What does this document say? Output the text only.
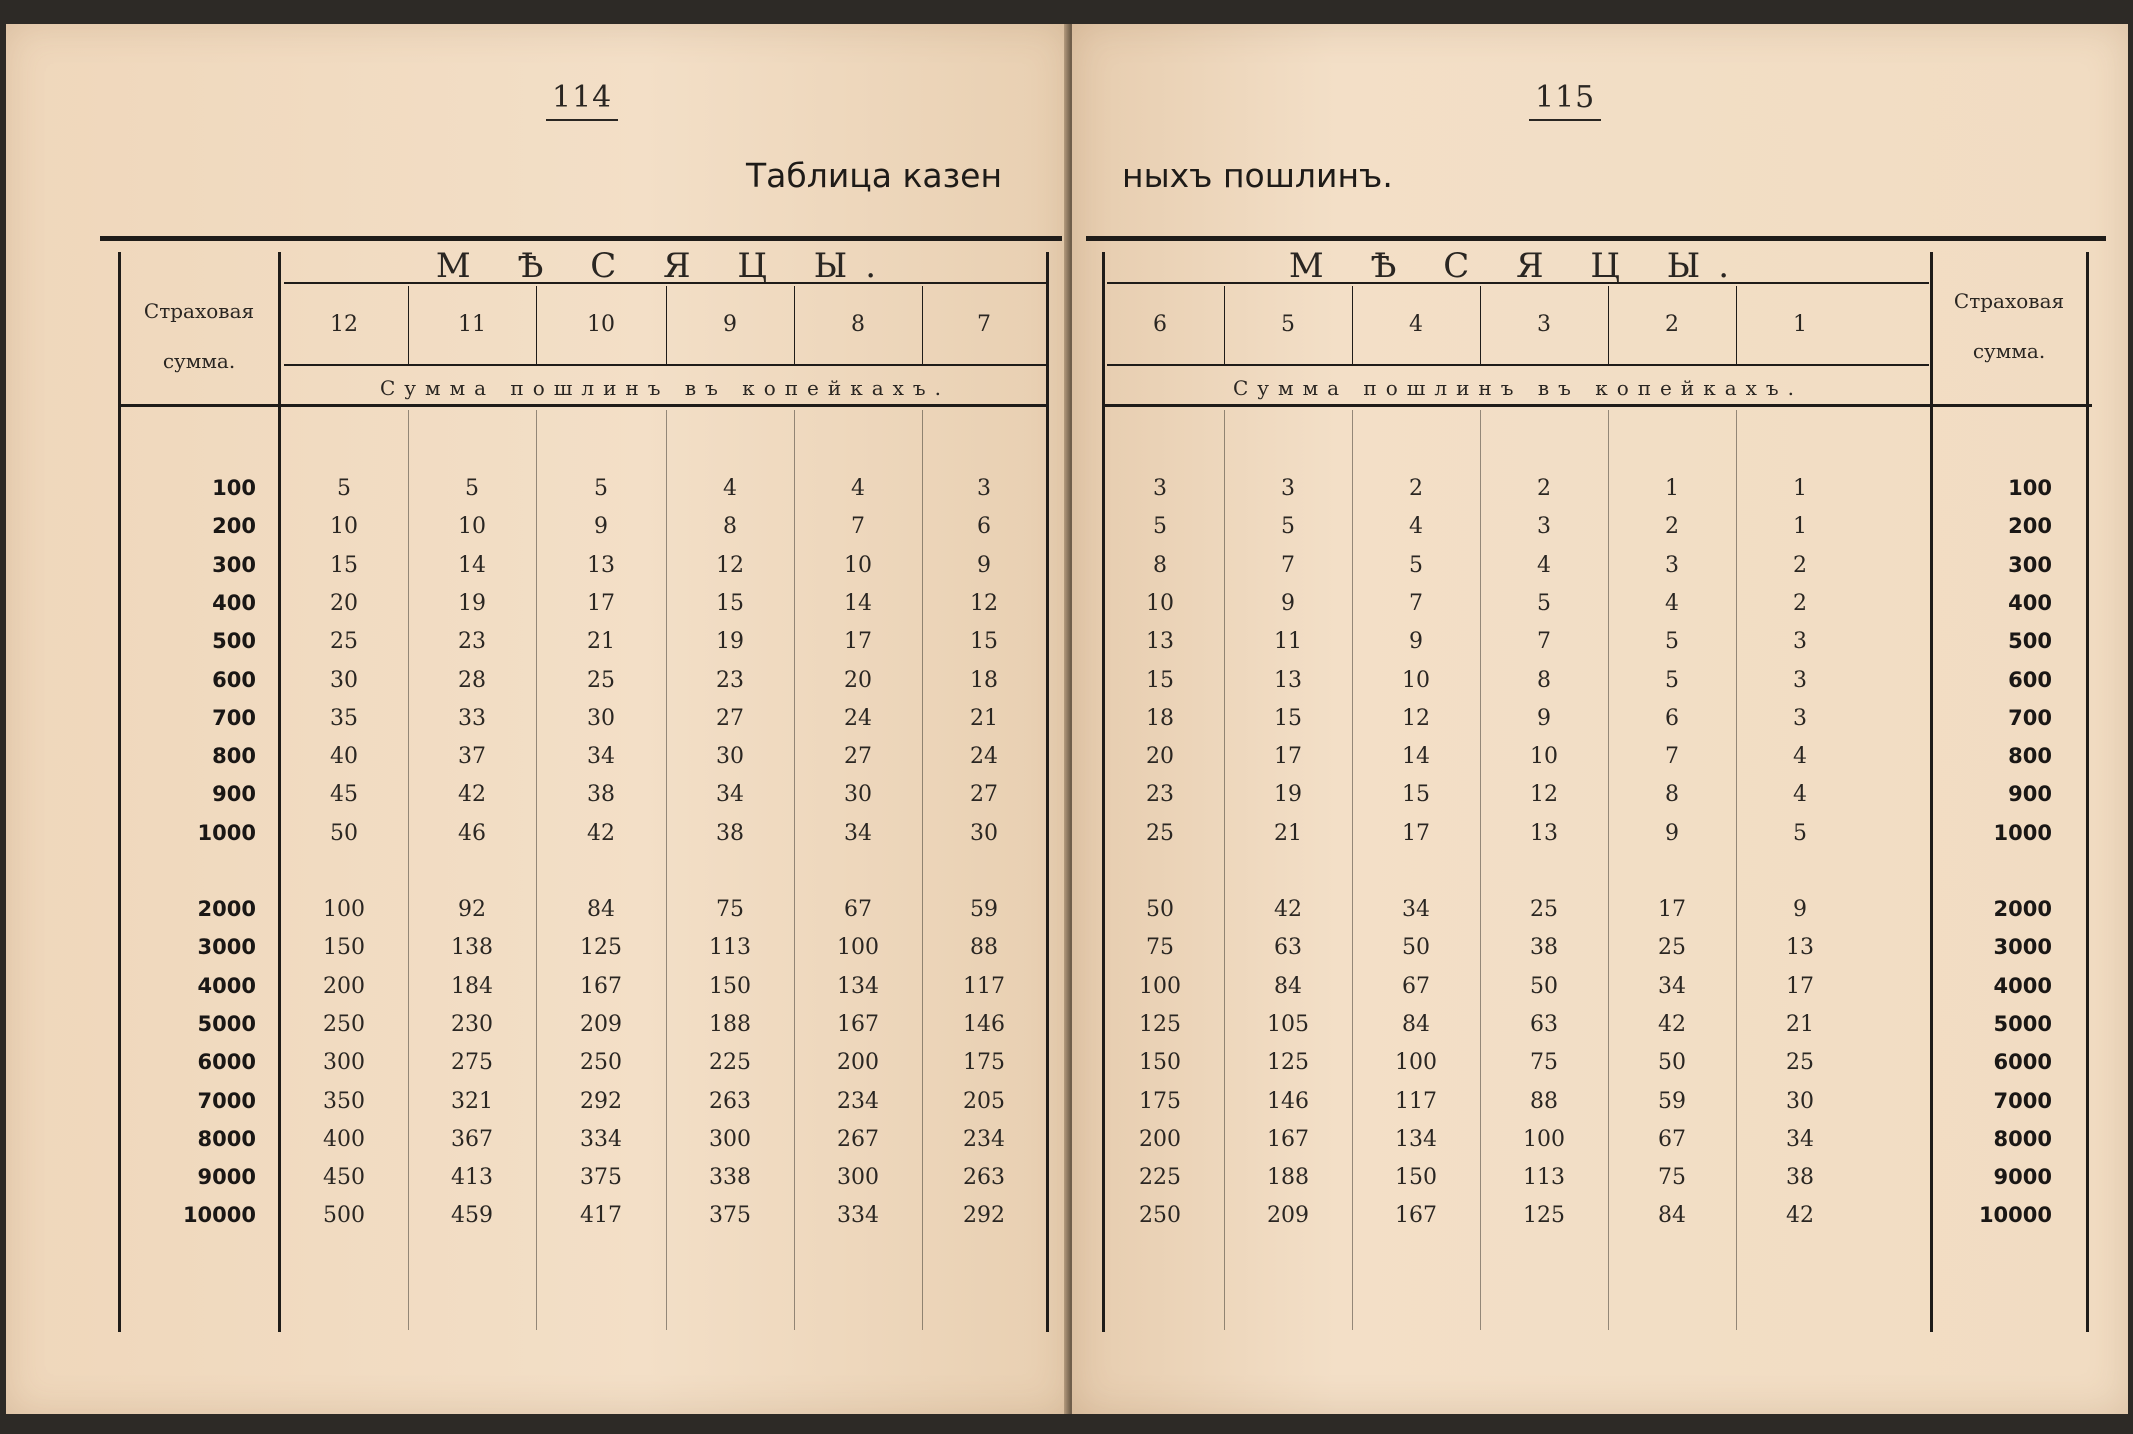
114
Таблица казен
Страховая
сумма.
М Ѣ С Я Ц Ы.
Сумма пошлинъ въ копейкахъ.
12	11	10	9	8	7
100	5	5	5	4	4	3
200	10	10	9	8	7	6
300	15	14	13	12	10	9
400	20	19	17	15	14	12
500	25	23	21	19	17	15
600	30	28	25	23	20	18
700	35	33	30	27	24	21
800	40	37	34	30	27	24
900	45	42	38	34	30	27
1000	50	46	42	38	34	30
2000	100	92	84	75	67	59
3000	150	138	125	113	100	88
4000	200	184	167	150	134	117
5000	250	230	209	188	167	146
6000	300	275	250	225	200	175
7000	350	321	292	263	234	205
8000	400	367	334	300	267	234
9000	450	413	375	338	300	263
10000	500	459	417	375	334	292
115
ныхъ пошлинъ.
М Ѣ С Я Ц Ы.
Сумма пошлинъ въ копейкахъ.
Страховая
сумма.
6	5	4	3	2	1
3	3	2	2	1	1	100
5	5	4	3	2	1	200
8	7	5	4	3	2	300
10	9	7	5	4	2	400
13	11	9	7	5	3	500
15	13	10	8	5	3	600
18	15	12	9	6	3	700
20	17	14	10	7	4	800
23	19	15	12	8	4	900
25	21	17	13	9	5	1000
50	42	34	25	17	9	2000
75	63	50	38	25	13	3000
100	84	67	50	34	17	4000
125	105	84	63	42	21	5000
150	125	100	75	50	25	6000
175	146	117	88	59	30	7000
200	167	134	100	67	34	8000
225	188	150	113	75	38	9000
250	209	167	125	84	42	10000
